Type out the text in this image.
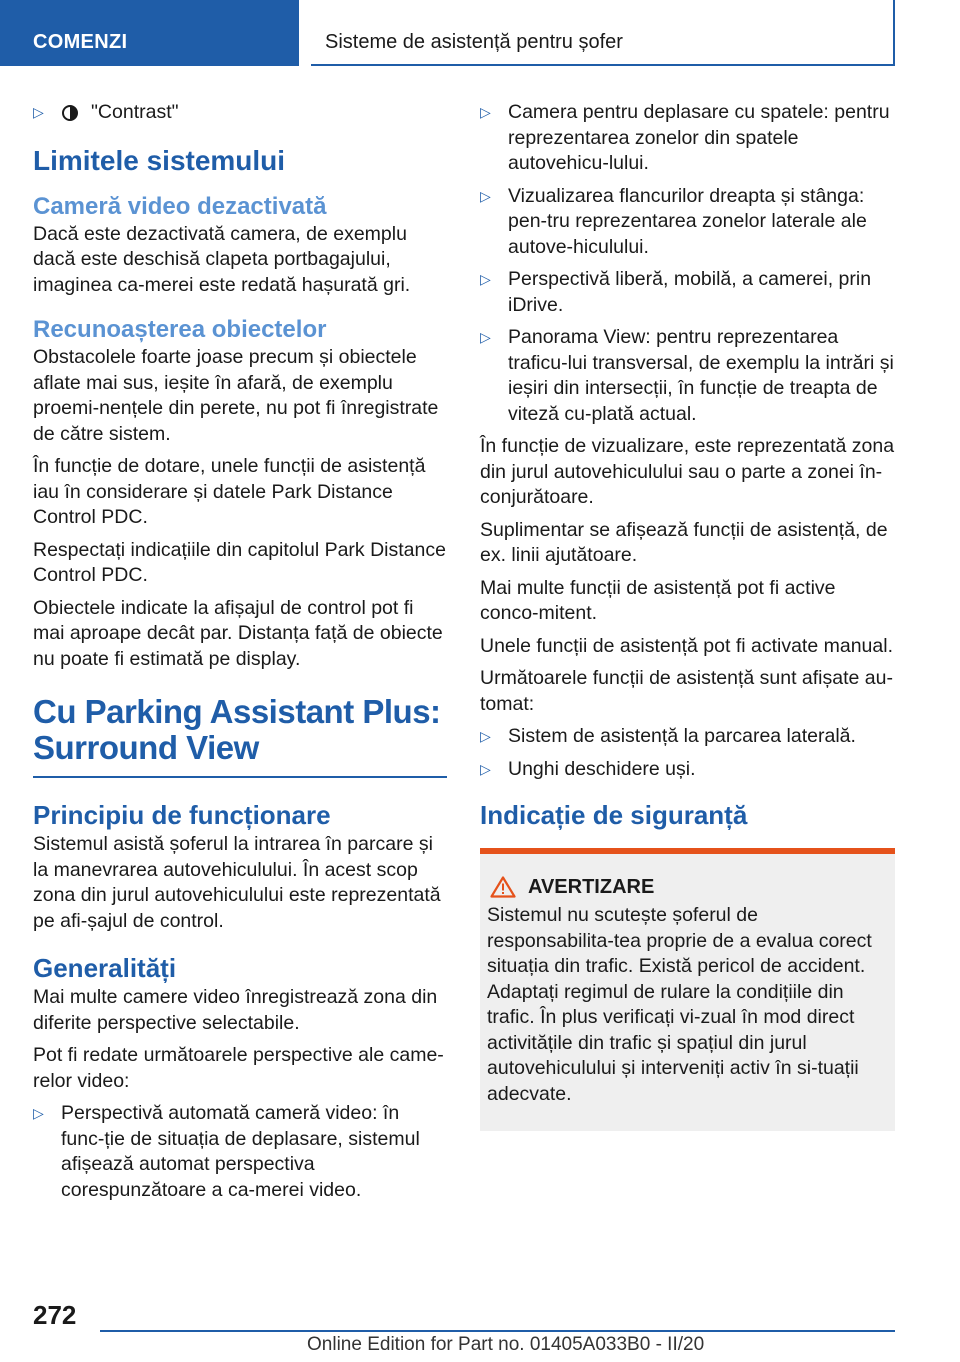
COMENZI	Sisteme de asistență pentru șofer
▷ "Contrast"
Limitele sistemului
Cameră video dezactivată

Dacă este dezactivată camera, de exemplu dacă este deschisă clapeta portbagajului, imaginea ca-merei este redată hașurată gri.

Recunoașterea obiectelor

Obstacolele foarte joase precum și obiectele aflate mai sus, ieșite în afară, de exemplu proemi-nențele din perete, nu pot fi înregistrate de către sistem.

În funcție de dotare, unele funcții de asistență iau în considerare și datele Park Distance Control PDC.

Respectați indicațiile din capitolul Park Distance Control PDC.

Obiectele indicate la afișajul de control pot fi mai aproape decât par. Distanța față de obiecte nu poate fi estimată pe display.

Cu Parking Assistant Plus: Surround View
Principiu de funcționare

Sistemul asistă șoferul la intrarea în parcare și la manevrarea autovehiculului. În acest scop zona din jurul autovehiculului este reprezentată pe afi-șajul de control.

Generalități

Mai multe camere video înregistrează zona din diferite perspective selectabile.

Pot fi redate următoarele perspective ale came-relor video:

▷ Perspectivă automată cameră video: în func-ție de situația de deplasare, sistemul afișează automat perspectiva corespunzătoare a ca-merei video.
▷ Camera pentru deplasare cu spatele: pentru reprezentarea zonelor din spatele autovehicu-lului.
▷ Vizualizarea flancurilor dreapta și stânga: pen-tru reprezentarea zonelor laterale ale autove-hiculului.
▷ Perspectivă liberă, mobilă, a camerei, prin iDrive.
▷ Panorama View: pentru reprezentarea traficu-lui transversal, de exemplu la intrări și ieșiri din intersecții, în funcție de treapta de viteză cu-plată actual.

În funcție de vizualizare, este reprezentată zona din jurul autovehiculului sau o parte a zonei în-conjurătoare.

Suplimentar se afișează funcții de asistență, de ex. linii ajutătoare.

Mai multe funcții de asistență pot fi active conco-mitent.

Unele funcții de asistență pot fi activate manual.

Următoarele funcții de asistență sunt afișate au-tomat:

▷ Sistem de asistență la parcarea laterală.
▷ Unghi deschidere uși.
Indicație de siguranță
AVERTIZARE

Sistemul nu scutește șoferul de responsabilita-tea proprie de a evalua corect situația din trafic. Există pericol de accident. Adaptați regimul de rulare la condițiile din trafic. În plus verificați vi-zual în mod direct activitățile din trafic și spațiul din jurul autovehiculului și interveniți activ în si-tuații adecvate.

272
Online Edition for Part no. 01405A033B0 - II/20
